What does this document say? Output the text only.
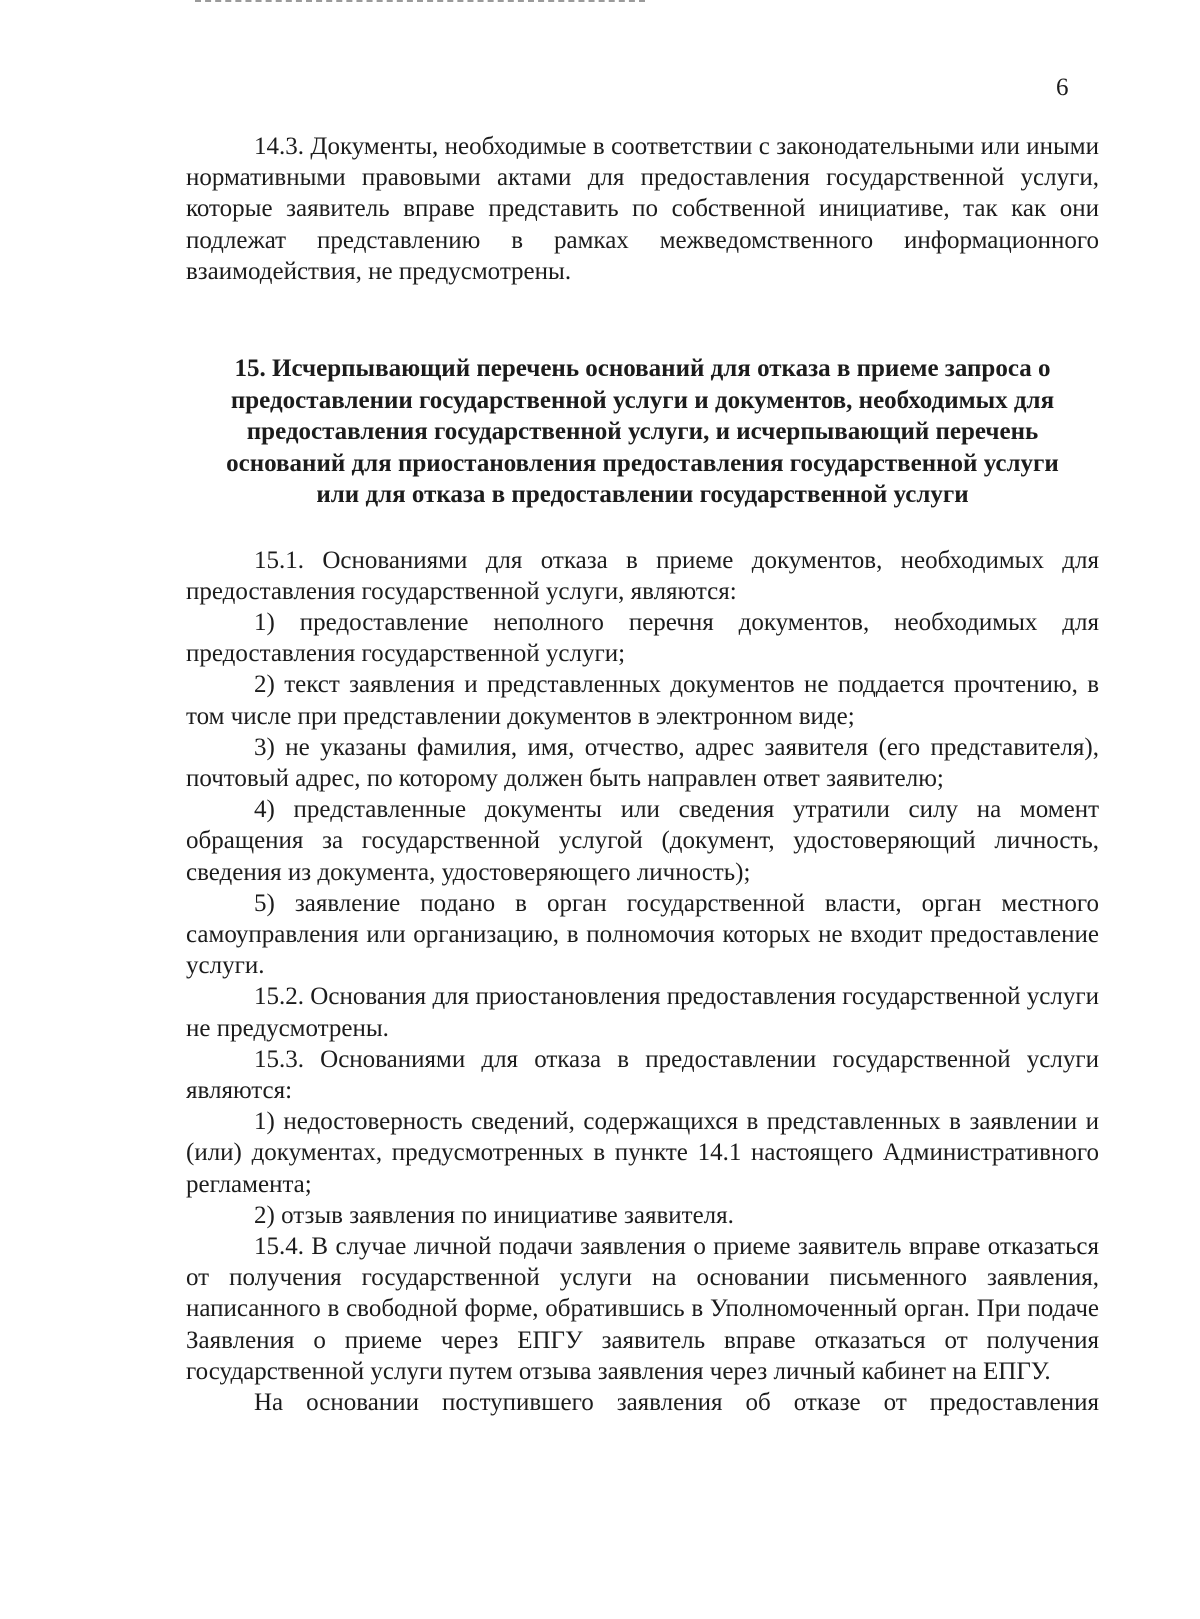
6

14.3. Документы, необходимые в соответствии с законодательными или иными нормативными правовыми актами для предоставления государственной услуги, которые заявитель вправе представить по собственной инициативе, так как они подлежат представлению в рамках межведомственного информационного взаимодействия, не предусмотрены.

15. Исчерпывающий перечень оснований для отказа в приеме запроса о предоставлении государственной услуги и документов, необходимых для предоставления государственной услуги, и исчерпывающий перечень оснований для приостановления предоставления государственной услуги или для отказа в предоставлении государственной услуги

15.1. Основаниями для отказа в приеме документов, необходимых для предоставления государственной услуги, являются:

1) предоставление неполного перечня документов, необходимых для предоставления государственной услуги;

2) текст заявления и представленных документов не поддается прочтению, в том числе при представлении документов в электронном виде;

3) не указаны фамилия, имя, отчество, адрес заявителя (его представителя), почтовый адрес, по которому должен быть направлен ответ заявителю;

4) представленные документы или сведения утратили силу на момент обращения за государственной услугой (документ, удостоверяющий личность, сведения из документа, удостоверяющего личность);

5) заявление подано в орган государственной власти, орган местного самоуправления или организацию, в полномочия которых не входит предоставление услуги.

15.2. Основания для приостановления предоставления государственной услуги не предусмотрены.

15.3. Основаниями для отказа в предоставлении государственной услуги являются:

1) недостоверность сведений, содержащихся в представленных в заявлении и (или) документах, предусмотренных в пункте 14.1 настоящего Административного регламента;

2) отзыв заявления по инициативе заявителя.

15.4. В случае личной подачи заявления о приеме заявитель вправе отказаться от получения государственной услуги на основании письменного заявления, написанного в свободной форме, обратившись в Уполномоченный орган. При подаче Заявления о приеме через ЕПГУ заявитель вправе отказаться от получения государственной услуги путем отзыва заявления через личный кабинет на ЕПГУ.

На основании поступившего заявления об отказе от предоставления
